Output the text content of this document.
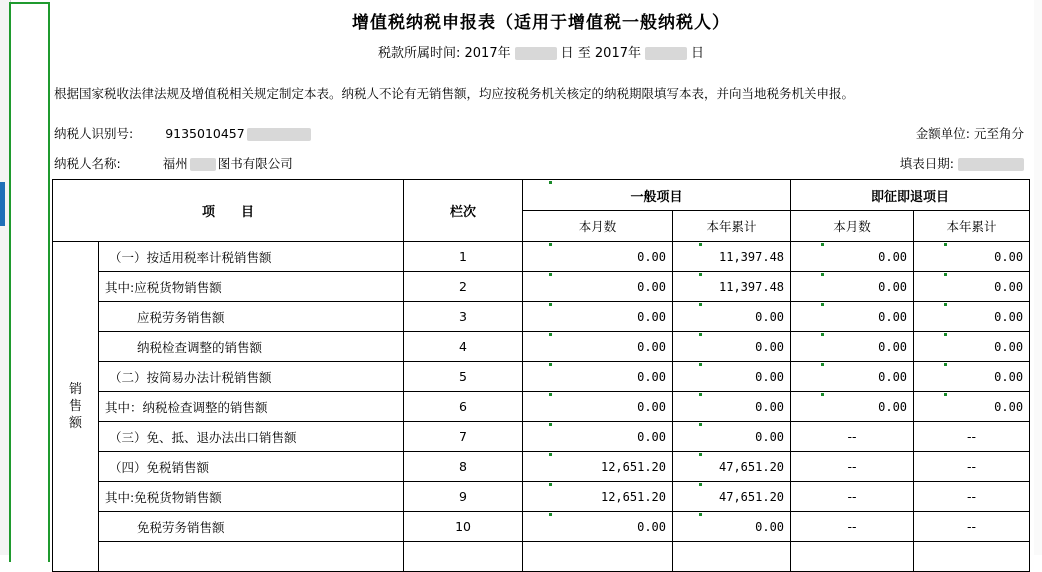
增值税纳税申报表（适用于增值税一般纳税人）
税款所属时间: 2017年	日 至 2017年	日
根据国家税收法律法规及增值税相关规定制定本表。纳税人不论有无销售额，均应按税务机关核定的纳税期限填写本表，并向当地税务机关申报。
纳税人识别号:	9135010457	金额单位: 元至角分
纳税人名称:	福州 图书有限公司	填表日期:
项　　目		栏次	一般项目		即征即退项目	
			本月数	本年累计	本月数	本年累计
销售额	（一）按适用税率计税销售额	1	0.00	11,397.48	0.00	0.00
	其中:应税货物销售额	2	0.00	11,397.48	0.00	0.00
	应税劳务销售额	3	0.00	0.00	0.00	0.00
	纳税检查调整的销售额	4	0.00	0.00	0.00	0.00
	（二）按简易办法计税销售额	5	0.00	0.00	0.00	0.00
	其中：纳税检查调整的销售额	6	0.00	0.00	0.00	0.00
	（三）免、抵、退办法出口销售额	7	0.00	0.00	--	--
	（四）免税销售额	8	12,651.20	47,651.20	--	--
	其中:免税货物销售额	9	12,651.20	47,651.20	--	--
	免税劳务销售额	10	0.00	0.00	--	--
